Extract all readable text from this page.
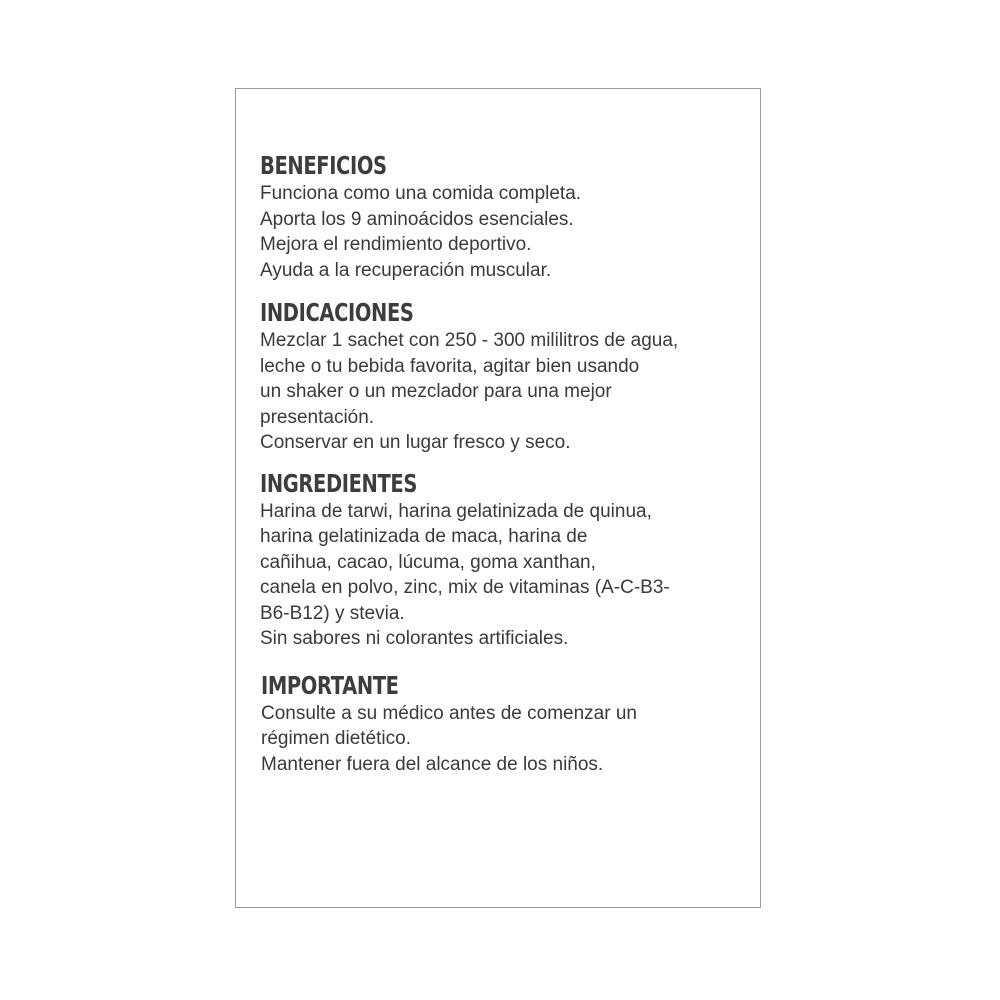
BENEFICIOS
Funciona como una comida completa.
Aporta los 9 aminoácidos esenciales.
Mejora el rendimiento deportivo.
Ayuda a la recuperación muscular.
INDICACIONES
Mezclar 1 sachet con 250 - 300 mililitros de agua,
leche o tu bebida favorita, agitar bien usando
un shaker o un mezclador para una mejor
presentación.
Conservar en un lugar fresco y seco.
INGREDIENTES
Harina de tarwi, harina gelatinizada de quinua,
harina gelatinizada de maca, harina de
cañihua, cacao, lúcuma, goma xanthan,
canela en polvo, zinc, mix de vitaminas (A-C-B3-
B6-B12) y stevia.
Sin sabores ni colorantes artificiales.
IMPORTANTE
Consulte a su médico antes de comenzar un
régimen dietético.
Mantener fuera del alcance de los niños.
